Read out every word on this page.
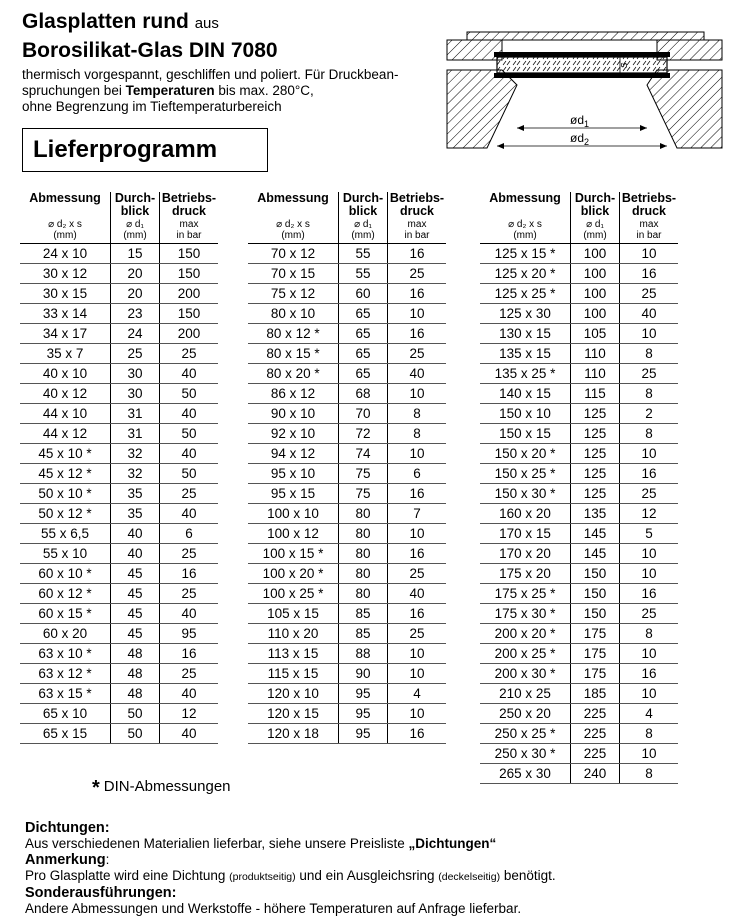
Glasplatten rund aus
Borosilikat-Glas DIN 7080

thermisch vorgespannt, geschliffen und poliert. Für Druckbean-

spruchungen bei Temperaturen bis max. 280°C,

ohne Begrenzung im Tieftemperaturbereich

Lieferprogramm
s
$ød_1$
$ød_2$
Abmessung	Durch-
blick	Betriebs-
druck
⌀ d₂ x s
(mm)	⌀ d₁
(mm)	max
in bar
24 x 10	15	150
30 x 12	20	150
30 x 15	20	200
33 x 14	23	150
34 x 17	24	200
35 x 7	25	25
40 x 10	30	40
40 x 12	30	50
44 x 10	31	40
44 x 12	31	50
45 x 10 *	32	40
45 x 12 *	32	50
50 x 10 *	35	25
50 x 12 *	35	40
55 x 6,5	40	6
55 x 10	40	25
60 x 10 *	45	16
60 x 12 *	45	25
60 x 15 *	45	40
60 x 20	45	95
63 x 10 *	48	16
63 x 12 *	48	25
63 x 15 *	48	40
65 x 10	50	12
65 x 15	50	40
Abmessung	Durch-
blick	Betriebs-
druck
⌀ d₂ x s
(mm)	⌀ d₁
(mm)	max
in bar
70 x 12	55	16
70 x 15	55	25
75 x 12	60	16
80 x 10	65	10
80 x 12 *	65	16
80 x 15 *	65	25
80 x 20 *	65	40
86 x 12	68	10
90 x 10	70	8
92 x 10	72	8
94 x 12	74	10
95 x 10	75	6
95 x 15	75	16
100 x 10	80	7
100 x 12	80	10
100 x 15 *	80	16
100 x 20 *	80	25
100 x 25 *	80	40
105 x 15	85	16
110 x 20	85	25
113 x 15	88	10
115 x 15	90	10
120 x 10	95	4
120 x 15	95	10
120 x 18	95	16
Abmessung	Durch-
blick	Betriebs-
druck
⌀ d₂ x s
(mm)	⌀ d₁
(mm)	max
in bar
125 x 15 *	100	10
125 x 20 *	100	16
125 x 25 *	100	25
125 x 30	100	40
130 x 15	105	10
135 x 15	110	8
135 x 25 *	110	25
140 x 15	115	8
150 x 10	125	2
150 x 15	125	8
150 x 20 *	125	10
150 x 25 *	125	16
150 x 30 *	125	25
160 x 20	135	12
170 x 15	145	5
170 x 20	145	10
175 x 20	150	10
175 x 25 *	150	16
175 x 30 *	150	25
200 x 20 *	175	8
200 x 25 *	175	10
200 x 30 *	175	16
210 x 25	185	10
250 x 20	225	4
250 x 25 *	225	8
250 x 30 *	225	10
265 x 30	240	8
* DIN-Abmessungen
Dichtungen:
Aus verschiedenen Materialien lieferbar, siehe unsere Preisliste „Dichtungen“
Anmerkung:
Pro Glasplatte wird eine Dichtung (produktseitig) und ein Ausgleichsring (deckelseitig) benötigt.
Sonderausführungen:
Andere Abmessungen und Werkstoffe - höhere Temperaturen auf Anfrage lieferbar.
